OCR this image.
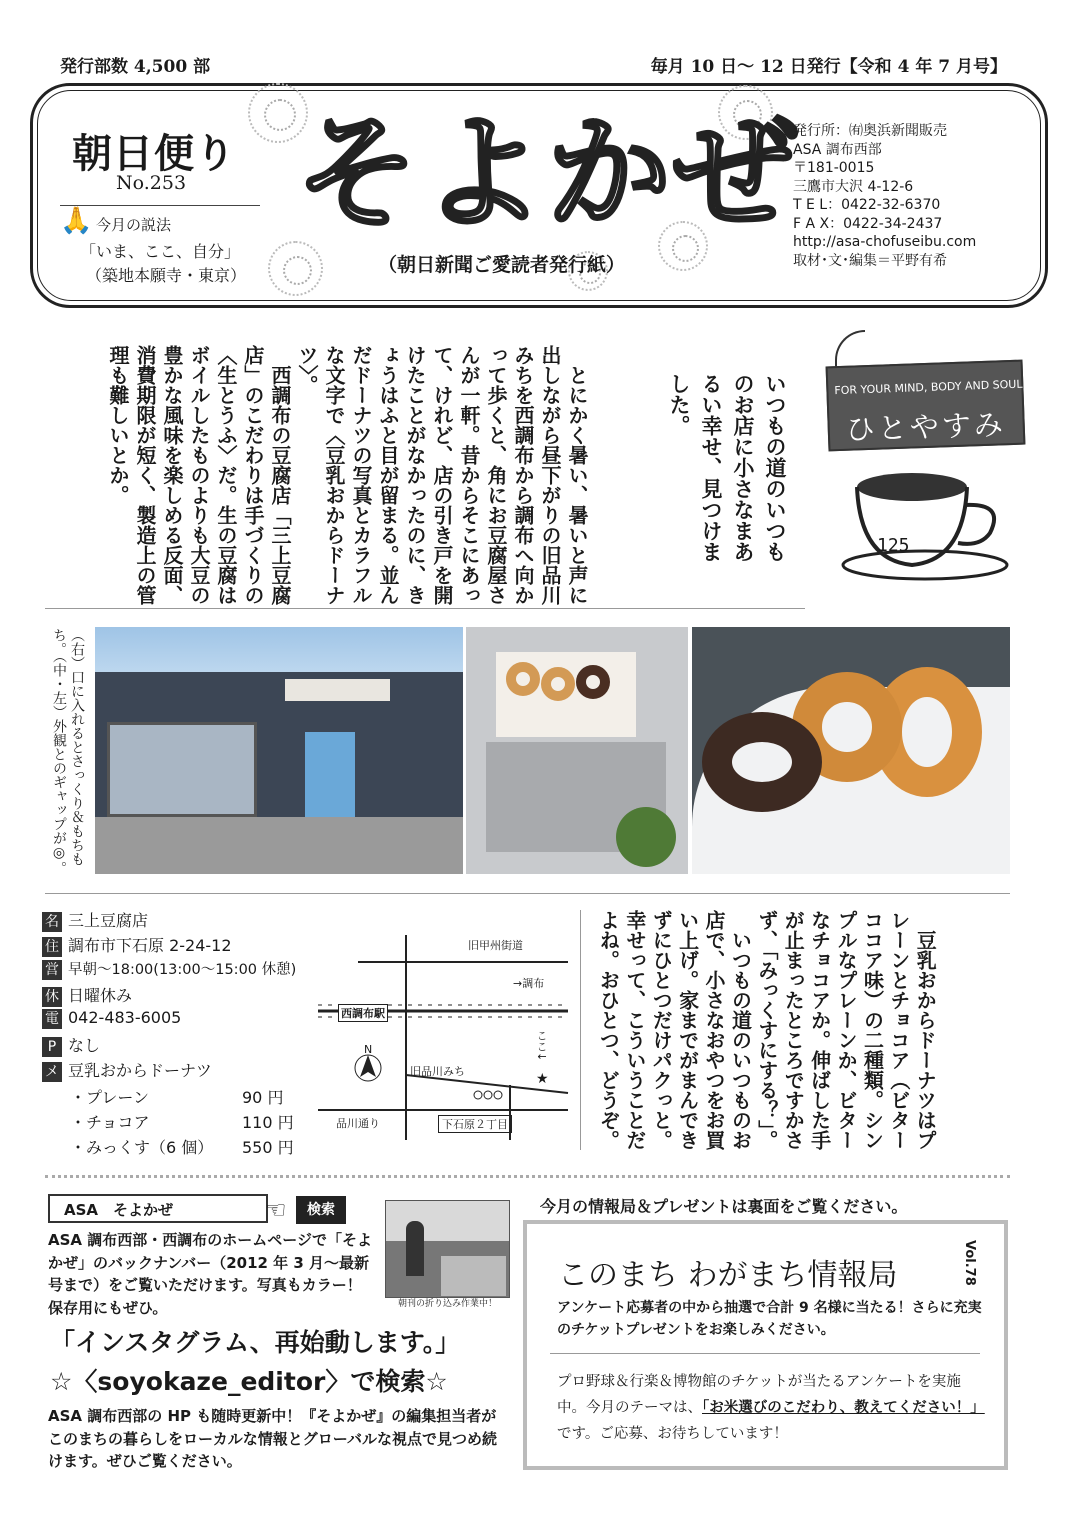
発行部数 4,500 部	毎月 10 日～ 12 日発行【令和 4 年 7 月号】
朝日便り
No.253
🙏 今月の説法
「いま、ここ、自分」
（築地本願寺・東京）
そよかぜ
（朝日新聞ご愛読者発行紙）
発行所：㈲奥浜新聞販売
ASA 調布西部
〒181-0015
三鷹市大沢 4-12-6
T E L：0422-32-6370
F A X：0422-34-2437
http://asa-chofuseibu.com
取材･文･編集＝平野有希
FOR YOUR MIND, BODY AND SOUL
ひとやすみ
125
いつもの道のいつものお店に小さなまあるい幸せ、見つけました。
　とにかく暑い、暑いと声に出しながら昼下がりの旧品川みちを西調布から調布へ向かって歩くと、角にお豆腐屋さんが一軒。昔からそこにあって、けれど、店の引き戸を開けたことがなかったのに、きょうはふと目が留まる。並んだドーナツの写真とカラフルな文字で〈豆乳おからドーナツ〉。
　西調布の豆腐店「三上豆腐店」のこだわりは手づくりの〈生とうふ〉だ。生の豆腐はボイルしたものよりも大豆の豊かな風味を楽しめる反面、消費期限が短く、製造上の管理も難しいとか。
（右）口に入れるとさっくり＆もちもち。（中・左）外観とのギャップが◎。
名 三上豆腐店
住 調布市下石原 2-24-12
営 早朝～18:00(13:00～15:00 休憩)
休 日曜休み
電 042-483-6005
P なし
メ 豆乳おからドーナツ
・プレーン	90 円
・チョコア	110 円
・みっくす（6 個） 550 円
旧甲州街道
→調布
西調布駅
N	ここ↓
★
旧品川みち
品川通り	下石原２丁目	　豆乳おからドーナツはプレーンとチョコア（ビターココア味）の二種類。シンプルなプレーンか、ビターなチョコアか。伸ばした手が止まったところですかさず、「みっくすにする？」。
　いつもの道のいつものお店で、小さなおやつをお買い上げ。家までがまんできずにひとつだけパクっと。幸せって、こういうことだよね。おひとつ、どうぞ。
ASA　そよかぜ	☜	検索
ASA 調布西部・西調布のホームページで「そよかぜ」のバックナンバー（2012 年 3 月～最新号まで）をご覧いただけます。写真もカラー！　保存用にもぜひ。	朝刊の折り込み作業中！
「インスタグラム、再始動します。」
☆〈soyokaze_editor〉で検索☆
ASA 調布西部の HP も随時更新中！『そよかぜ』の編集担当者がこのまちの暮らしをローカルな情報とグローバルな視点で見つめ続けます。ぜひご覧ください。
今月の情報局＆プレゼントは裏面をご覧ください。
このまち わがまち情報局	Vol.78
アンケート応募者の中から抽選で合計 9 名様に当たる！さらに充実のチケットプレゼントをお楽しみください。
プロ野球＆行楽＆博物館のチケットが当たるアンケートを実施中。今月のテーマは、「お米選びのこだわり、教えてください！」です。ご応募、お待ちしています！
